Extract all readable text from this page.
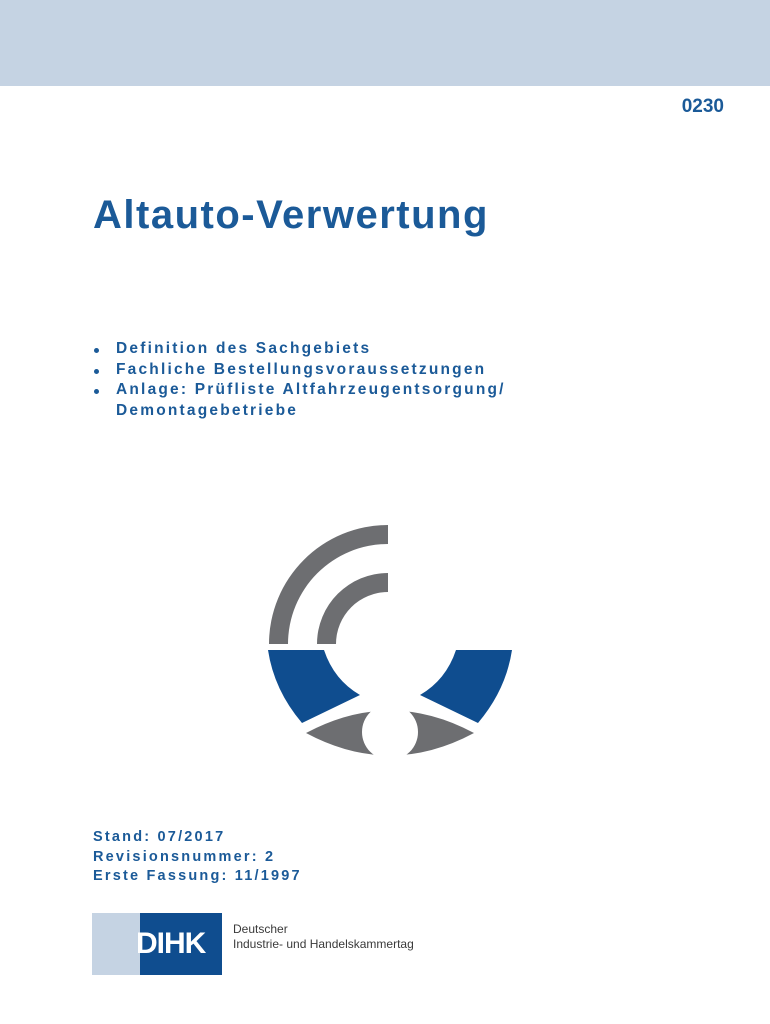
0230
Altauto-Verwertung
Definition des Sachgebiets
Fachliche Bestellungsvoraussetzungen
Anlage: Prüfliste Altfahrzeugentsorgung/
Demontagebetriebe
Stand: 07/2017
Revisionsnummer: 2
Erste Fassung: 11/1997
DIHK Deutscher
Industrie- und Handelskammertag
